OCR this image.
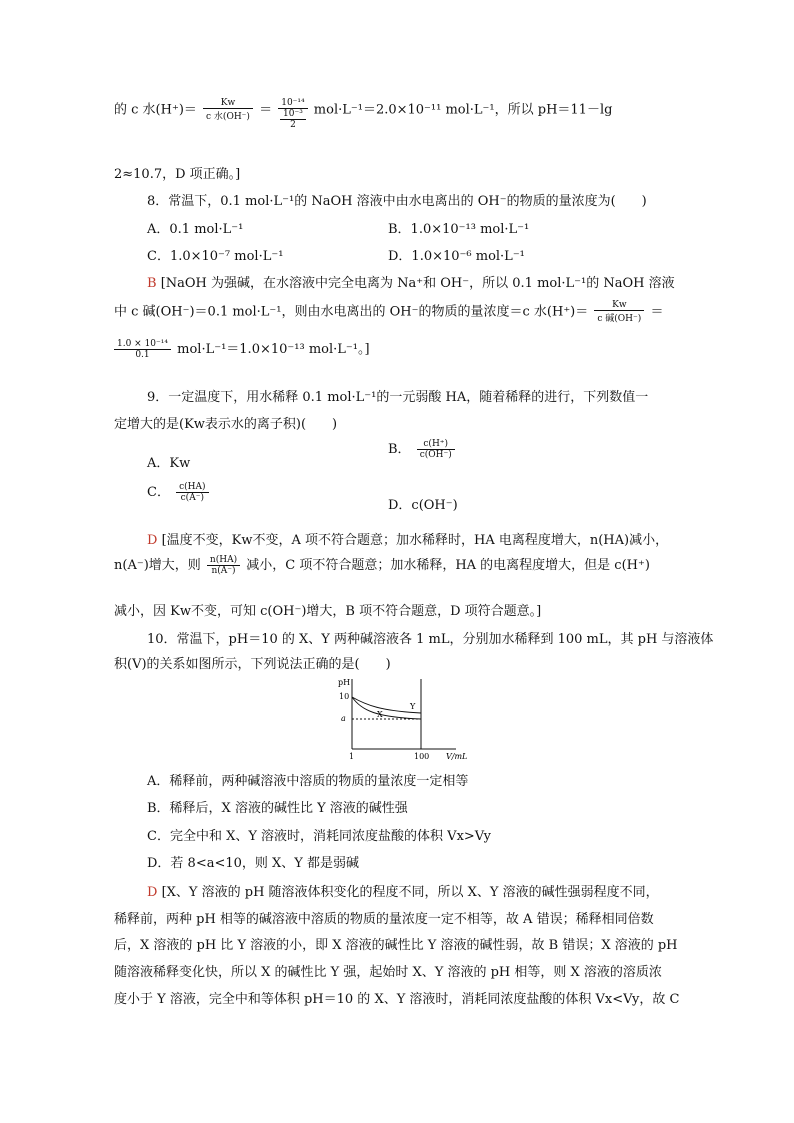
的 c 水$(H^+)= \frac{Kw}{\text{c 水(OH⁻)}} = \frac{\text{10⁻¹⁴}}{\frac{\text{10⁻³}}{2}} mol\cdot L^{-1}=2.0\times 10^{-11}$ mol·L⁻¹，所以 pH＝11－lg
2≈10.7，D 项正确。]
8．常温下，0.1 mol·L⁻¹的 NaOH 溶液中由水电离出的 OH⁻的物质的量浓度为(　　)
A．0.1 mol·L⁻¹	B．1.0×10⁻¹³ mol·L⁻¹
C．1.0×10⁻⁷ mol·L⁻¹	D．1.0×10⁻⁶ mol·L⁻¹
B [NaOH 为强碱，在水溶液中完全电离为 Na⁺和 OH⁻，所以 0.1 mol·L⁻¹的 NaOH 溶液
中 c 碱(OH⁻)＝0.1 mol·L⁻¹，则由水电离出的 OH⁻的物质的量浓度＝c 水$(H^+)= \frac{Kw}{\text{c 碱(OH⁻)}}$ ＝
$\frac{\text{1.0 × 10⁻¹⁴}}{0.1} mol\cdot L^{-1}=1.0\times 10^{-13}$ mol·L⁻¹。]
9．一定温度下，用水稀释 0.1 mol·L⁻¹的一元弱酸 HA，随着稀释的进行，下列数值一
定增大的是(Kw表示水的离子积)(　　)
A．Kw
B． $\frac{c(H^+)}{c(OH^-)}$
C． $\frac{c(HA)}{c(A^-)}$
D．c(OH⁻)
D [温度不变，Kw不变，A 项不符合题意；加水稀释时，HA 电离程度增大，n(HA)减小，
n(A⁻)增大，则 $\frac{n(HA)}{n(A^-)}$ 减小，C 项不符合题意；加水稀释，HA 的电离程度增大，但是 c(H⁺)
减小，因 Kw不变，可知 c(OH⁻)增大，B 项不符合题意，D 项符合题意。]
10．常温下，pH＝10 的 X、Y 两种碱溶液各 1 mL，分别加水稀释到 100 mL，其 pH 与溶液体
积(V)的关系如图所示，下列说法正确的是(　　)
pH
10
a	X
Y
1	100 V/mL
A．稀释前，两种碱溶液中溶质的物质的量浓度一定相等
B．稀释后，X 溶液的碱性比 Y 溶液的碱性强
C．完全中和 X、Y 溶液时，消耗同浓度盐酸的体积 Vx>Vy
D．若 8<a<10，则 X、Y 都是弱碱
D [X、Y 溶液的 pH 随溶液体积变化的程度不同，所以 X、Y 溶液的碱性强弱程度不同，
稀释前，两种 pH 相等的碱溶液中溶质的物质的量浓度一定不相等，故 A 错误；稀释相同倍数
后，X 溶液的 pH 比 Y 溶液的小，即 X 溶液的碱性比 Y 溶液的碱性弱，故 B 错误；X 溶液的 pH
随溶液稀释变化快，所以 X 的碱性比 Y 强，起始时 X、Y 溶液的 pH 相等，则 X 溶液的溶质浓
度小于 Y 溶液，完全中和等体积 pH＝10 的 X、Y 溶液时，消耗同浓度盐酸的体积 Vx<Vy，故 C
